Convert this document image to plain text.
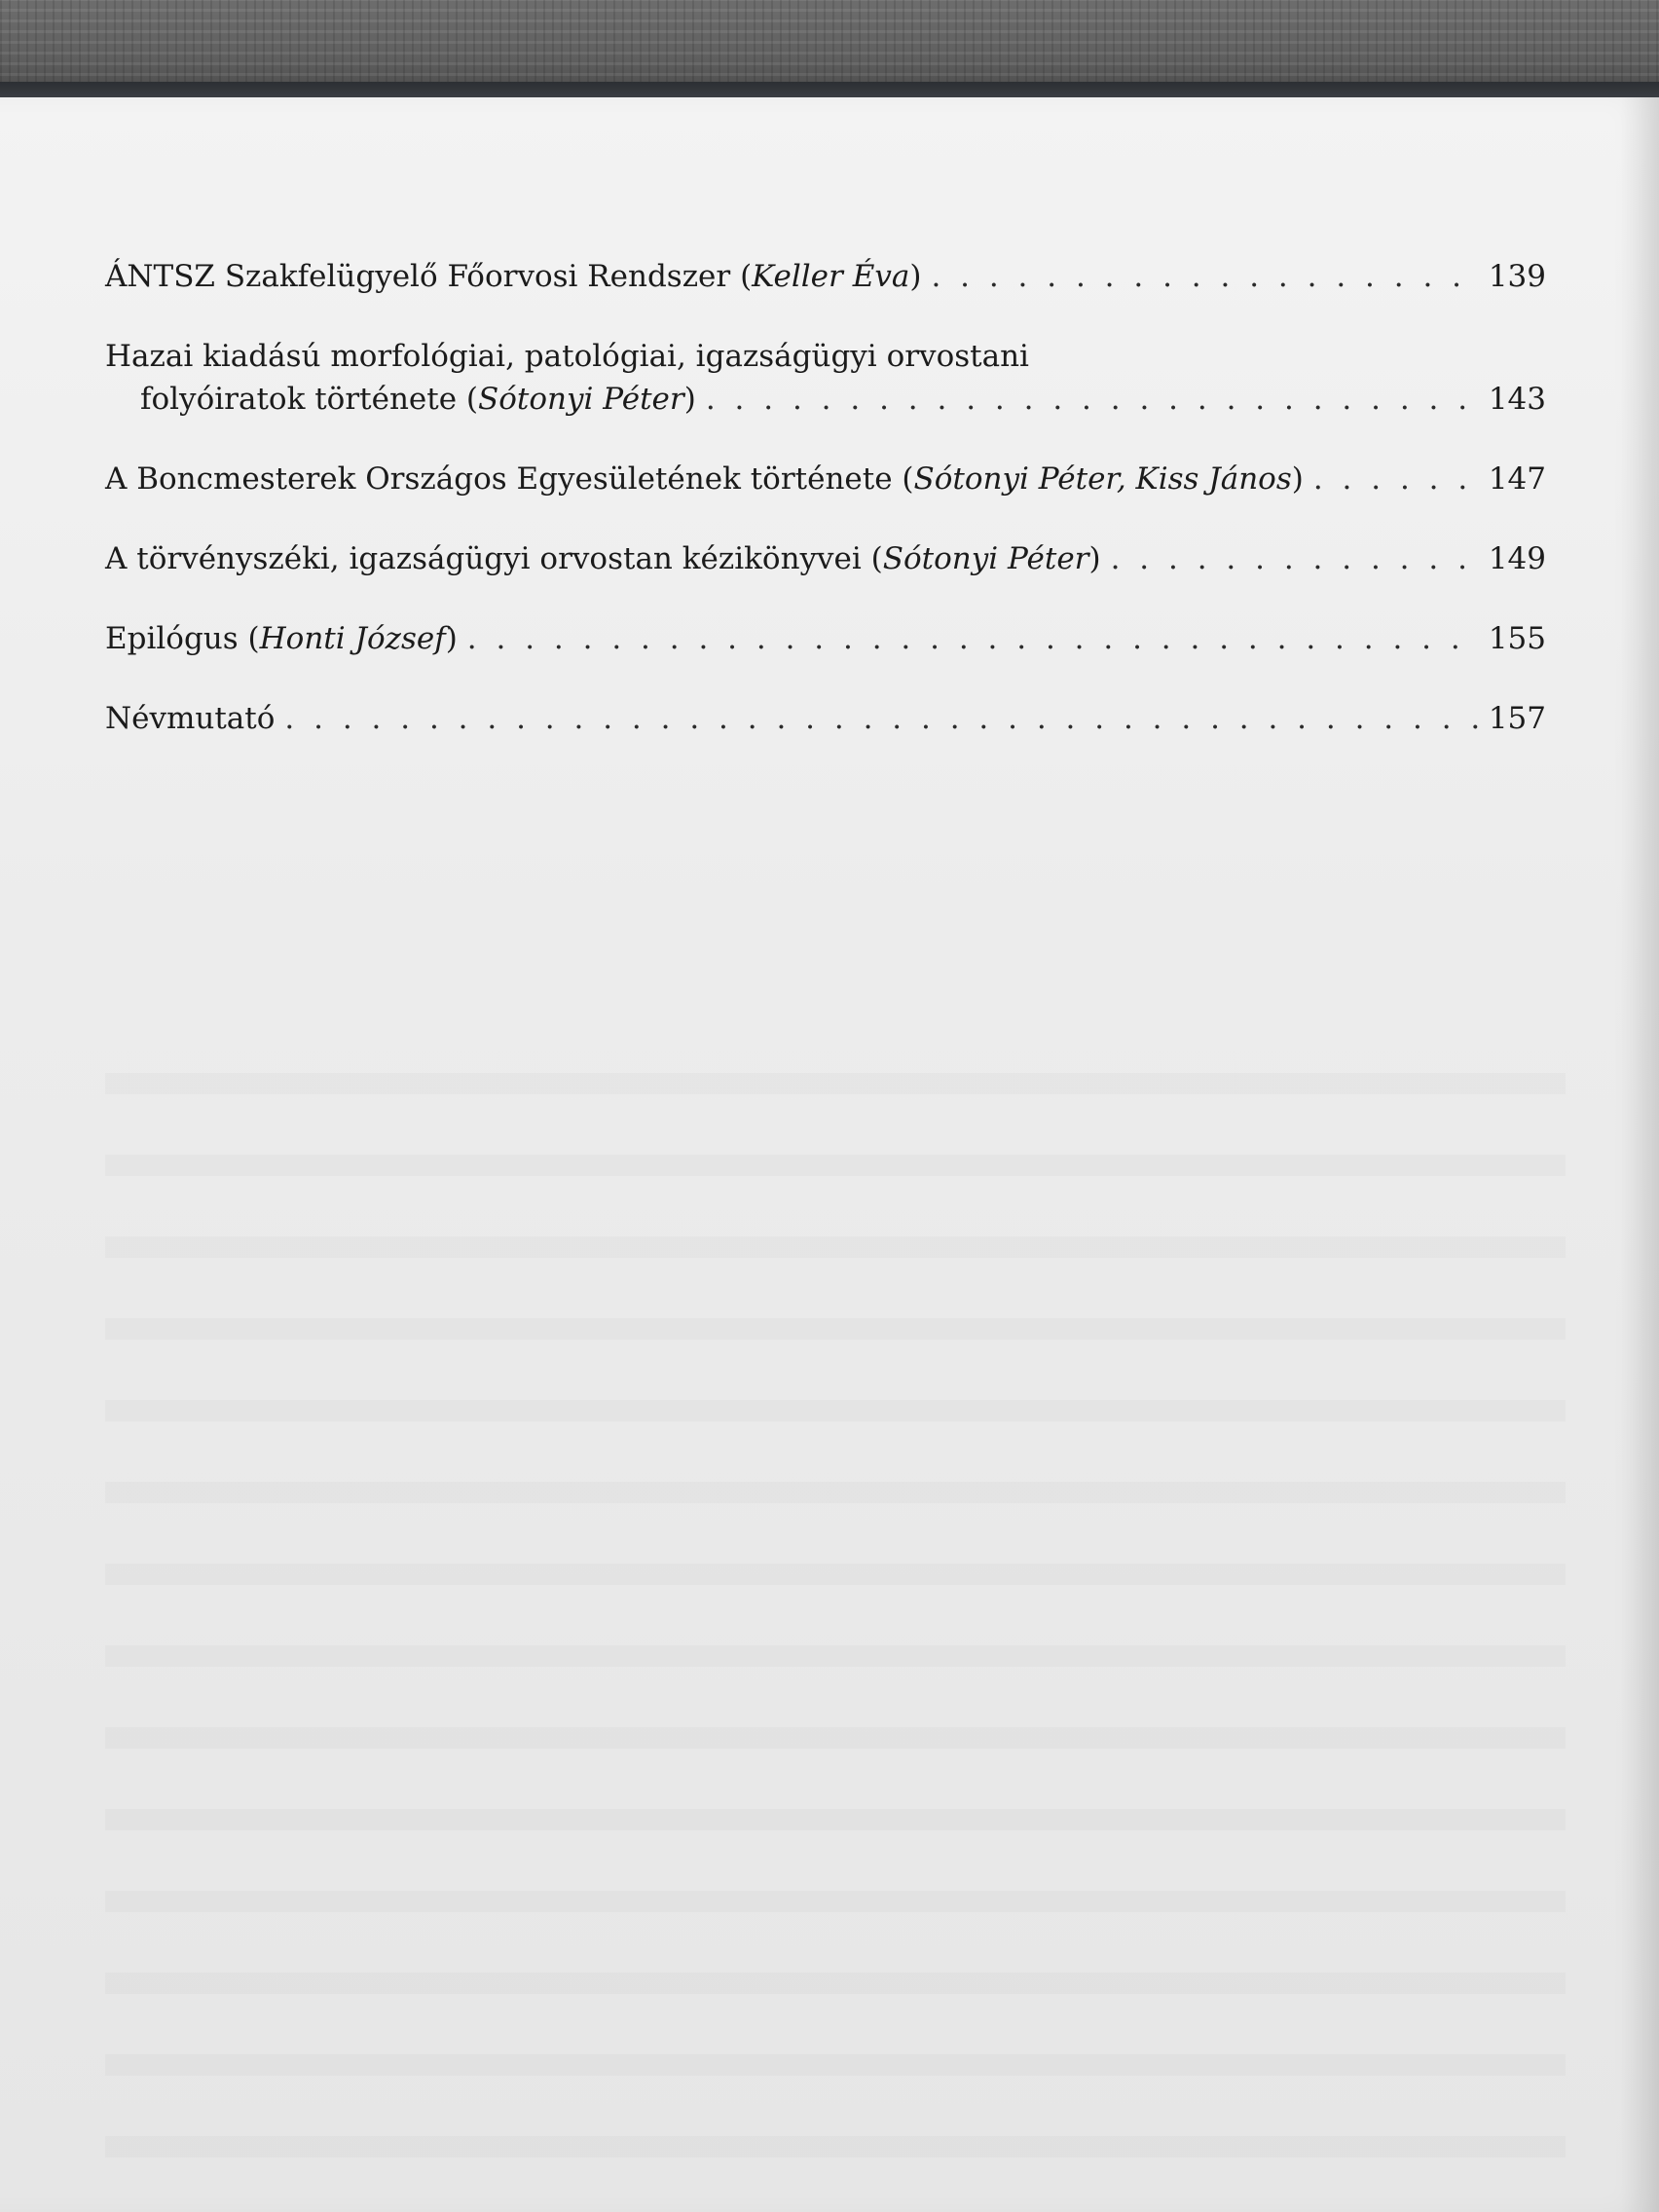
ÁNTSZ Szakfelügyelő Főorvosi Rendszer (Keller Éva) . . .	139
Hazai kiadású morfológiai, patológiai, igazságügyi orvostani
folyóiratok története (Sótonyi Péter) . . .	143
A Boncmesterek Országos Egyesületének története (Sótonyi Péter, Kiss János) . . .	147
A törvényszéki, igazságügyi orvostan kézikönyvei (Sótonyi Péter) . . .	149
Epilógus (Honti József) . . .	155
Névmutató . . .	157
